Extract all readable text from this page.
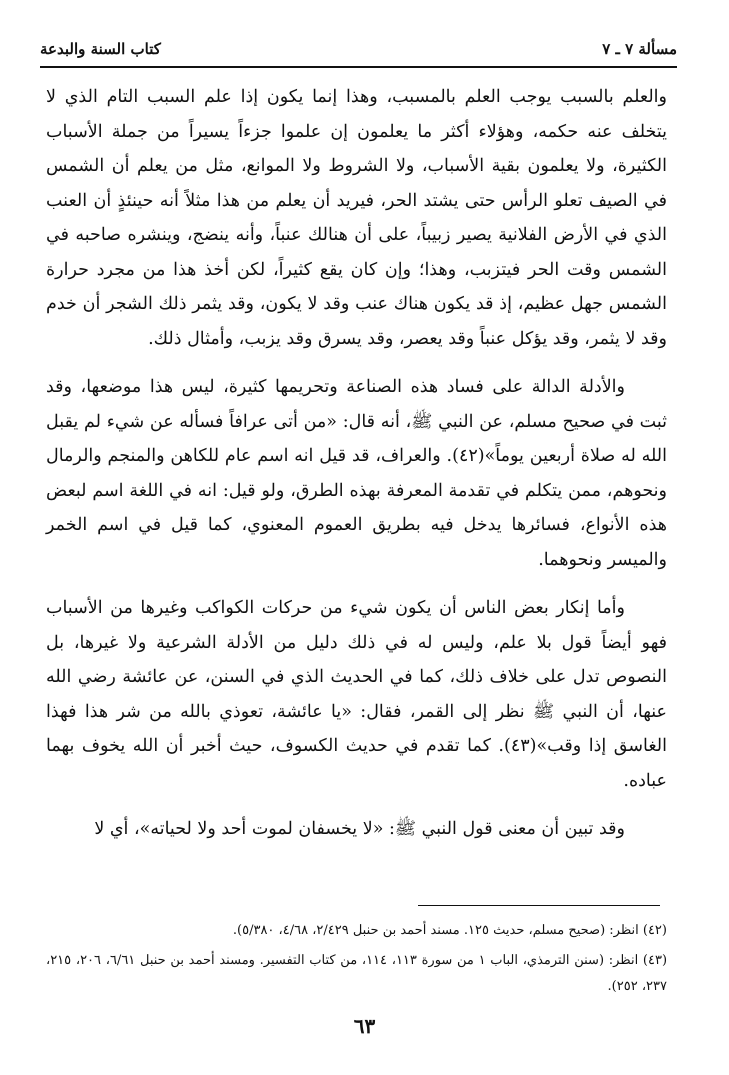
مسألة ٧ ـ ٧
كتاب السنة والبدعة

والعلم بالسبب يوجب العلم بالمسبب، وهذا إنما يكون إذا علم السبب التام الذي لا يتخلف عنه حكمه، وهؤلاء أكثر ما يعلمون إن علموا جزءاً يسيراً من جملة الأسباب الكثيرة، ولا يعلمون بقية الأسباب، ولا الشروط ولا الموانع، مثل من يعلم أن الشمس في الصيف تعلو الرأس حتى يشتد الحر، فيريد أن يعلم من هذا مثلاً أنه حينئذٍ أن العنب الذي في الأرض الفلانية يصير زبيباً، على أن هنالك عنباً، وأنه ينضج، وينشره صاحبه في الشمس وقت الحر فيتزبب، وهذا؛ وإن كان يقع كثيراً، لكن أخذ هذا من مجرد حرارة الشمس جهل عظيم، إذ قد يكون هناك عنب وقد لا يكون، وقد يثمر ذلك الشجر أن خدم وقد لا يثمر، وقد يؤكل عنباً وقد يعصر، وقد يسرق وقد يزبب، وأمثال ذلك.

والأدلة الدالة على فساد هذه الصناعة وتحريمها كثيرة، ليس هذا موضعها، وقد ثبت في صحيح مسلم، عن النبي ﷺ، أنه قال: «من أتى عرافاً فسأله عن شيء لم يقبل الله له صلاة أربعين يوماً»(٤٢). والعراف، قد قيل انه اسم عام للكاهن والمنجم والرمال ونحوهم، ممن يتكلم في تقدمة المعرفة بهذه الطرق، ولو قيل: انه في اللغة اسم لبعض هذه الأنواع، فسائرها يدخل فيه بطريق العموم المعنوي، كما قيل في اسم الخمر والميسر ونحوهما.

وأما إنكار بعض الناس أن يكون شيء من حركات الكواكب وغيرها من الأسباب فهو أيضاً قول بلا علم، وليس له في ذلك دليل من الأدلة الشرعية ولا غيرها، بل النصوص تدل على خلاف ذلك، كما في الحديث الذي في السنن، عن عائشة رضي الله عنها، أن النبي ﷺ نظر إلى القمر، فقال: «يا عائشة، تعوذي بالله من شر هذا فهذا الغاسق إذا وقب»(٤٣). كما تقدم في حديث الكسوف، حيث أخبر أن الله يخوف بهما عباده.

وقد تبين أن معنى قول النبي ﷺ: «لا يخسفان لموت أحد ولا لحياته»، أي لا

(٤٢) انظر: (صحيح مسلم، حديث ١٢٥. مسند أحمد بن حنبل ٢/٤٢٩، ٤/٦٨، ٥/٣٨٠).

(٤٣) انظر: (سنن الترمذي، الباب ١ من سورة ١١٣، ١١٤، من كتاب التفسير. ومسند أحمد بن حنبل ٦/٦١، ٢٠٦، ٢١٥، ٢٣٧، ٢٥٢).

٦٣
